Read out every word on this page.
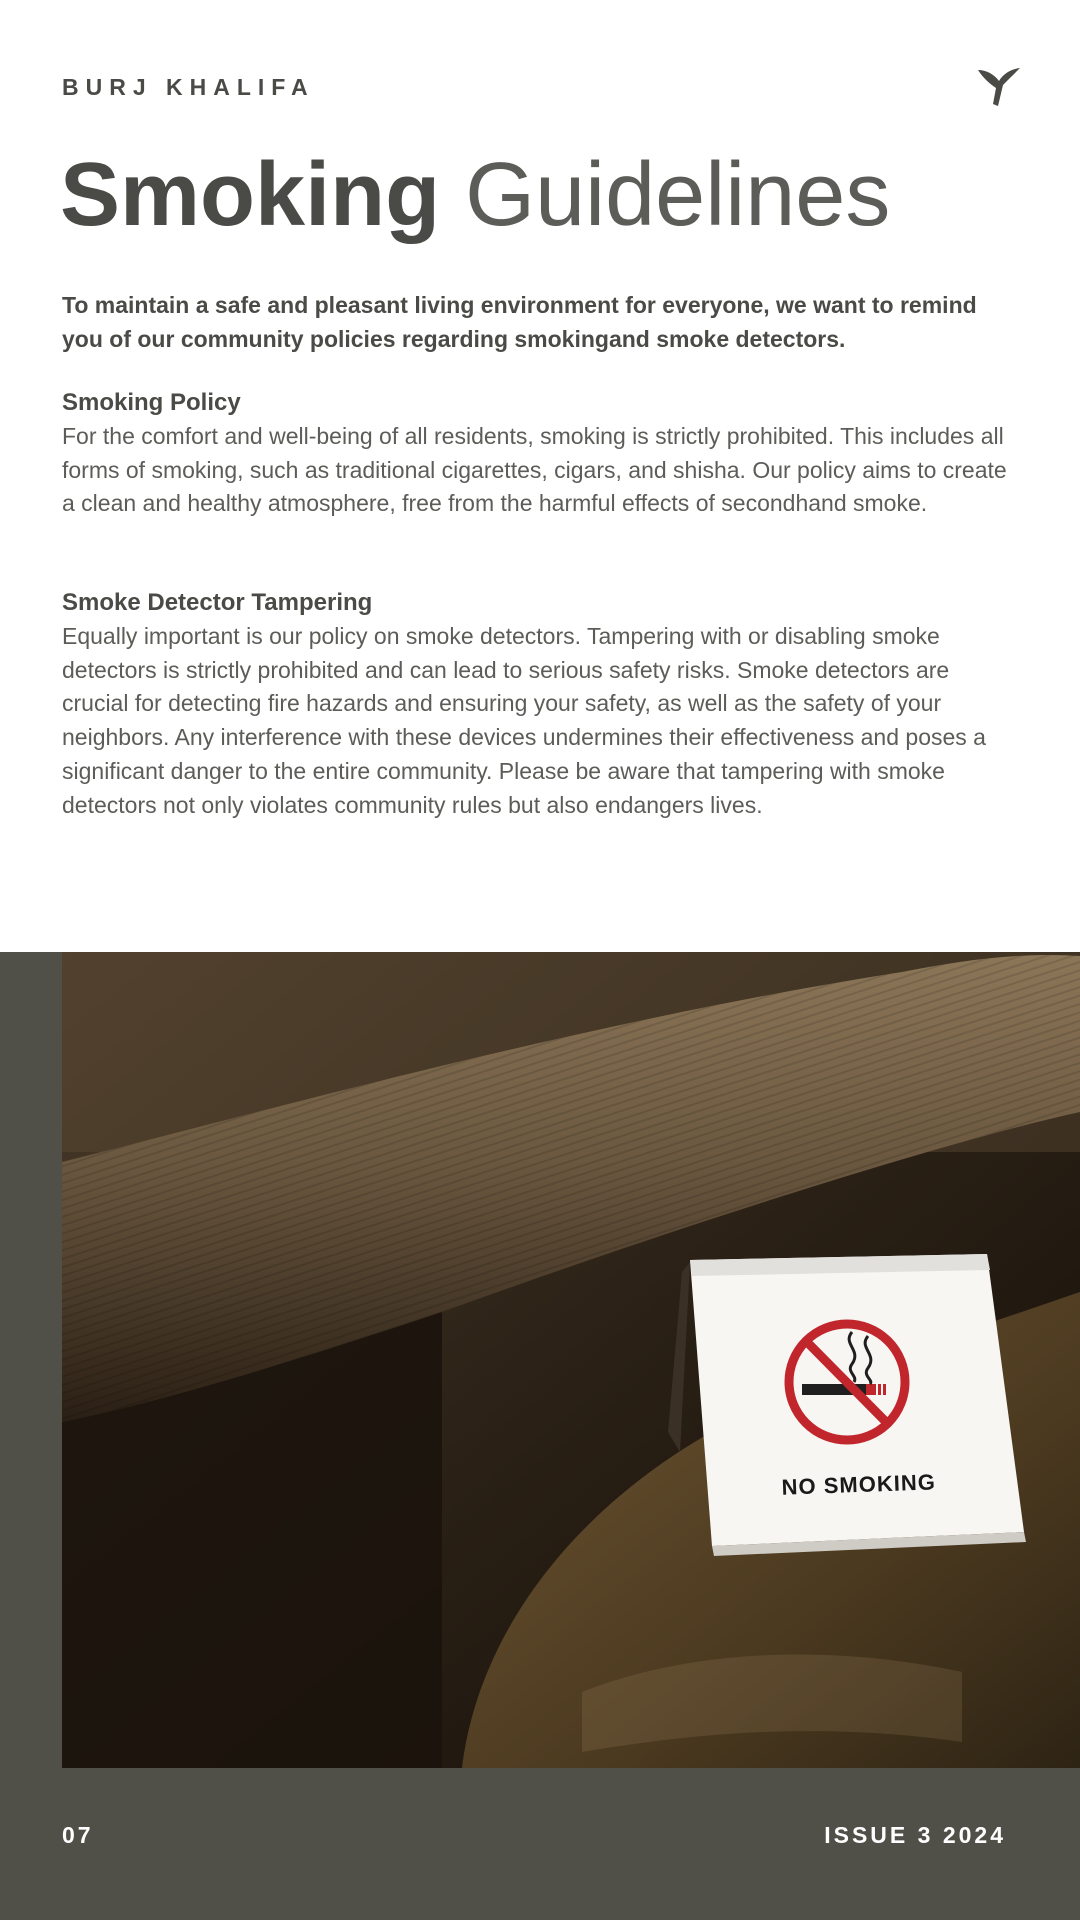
BURJ KHALIFA
Smoking Guidelines

To maintain a safe and pleasant living environment for everyone, we want to remind you of our community policies regarding smokingand smoke detectors.

Smoking Policy

For the comfort and well-being of all residents, smoking is strictly prohibited. This includes all forms of smoking, such as traditional cigarettes, cigars, and shisha. Our policy aims to create a clean and healthy atmosphere, free from the harmful effects of secondhand smoke.

Smoke Detector Tampering

Equally important is our policy on smoke detectors. Tampering with or disabling smoke detectors is strictly prohibited and can lead to serious safety risks. Smoke detectors are crucial for detecting fire hazards and ensuring your safety, as well as the safety of your neighbors. Any interference with these devices undermines their effectiveness and poses a significant danger to the entire community. Please be aware that tampering with smoke detectors not only violates community rules but also endangers lives.

NO SMOKING
07	ISSUE 3 2024
